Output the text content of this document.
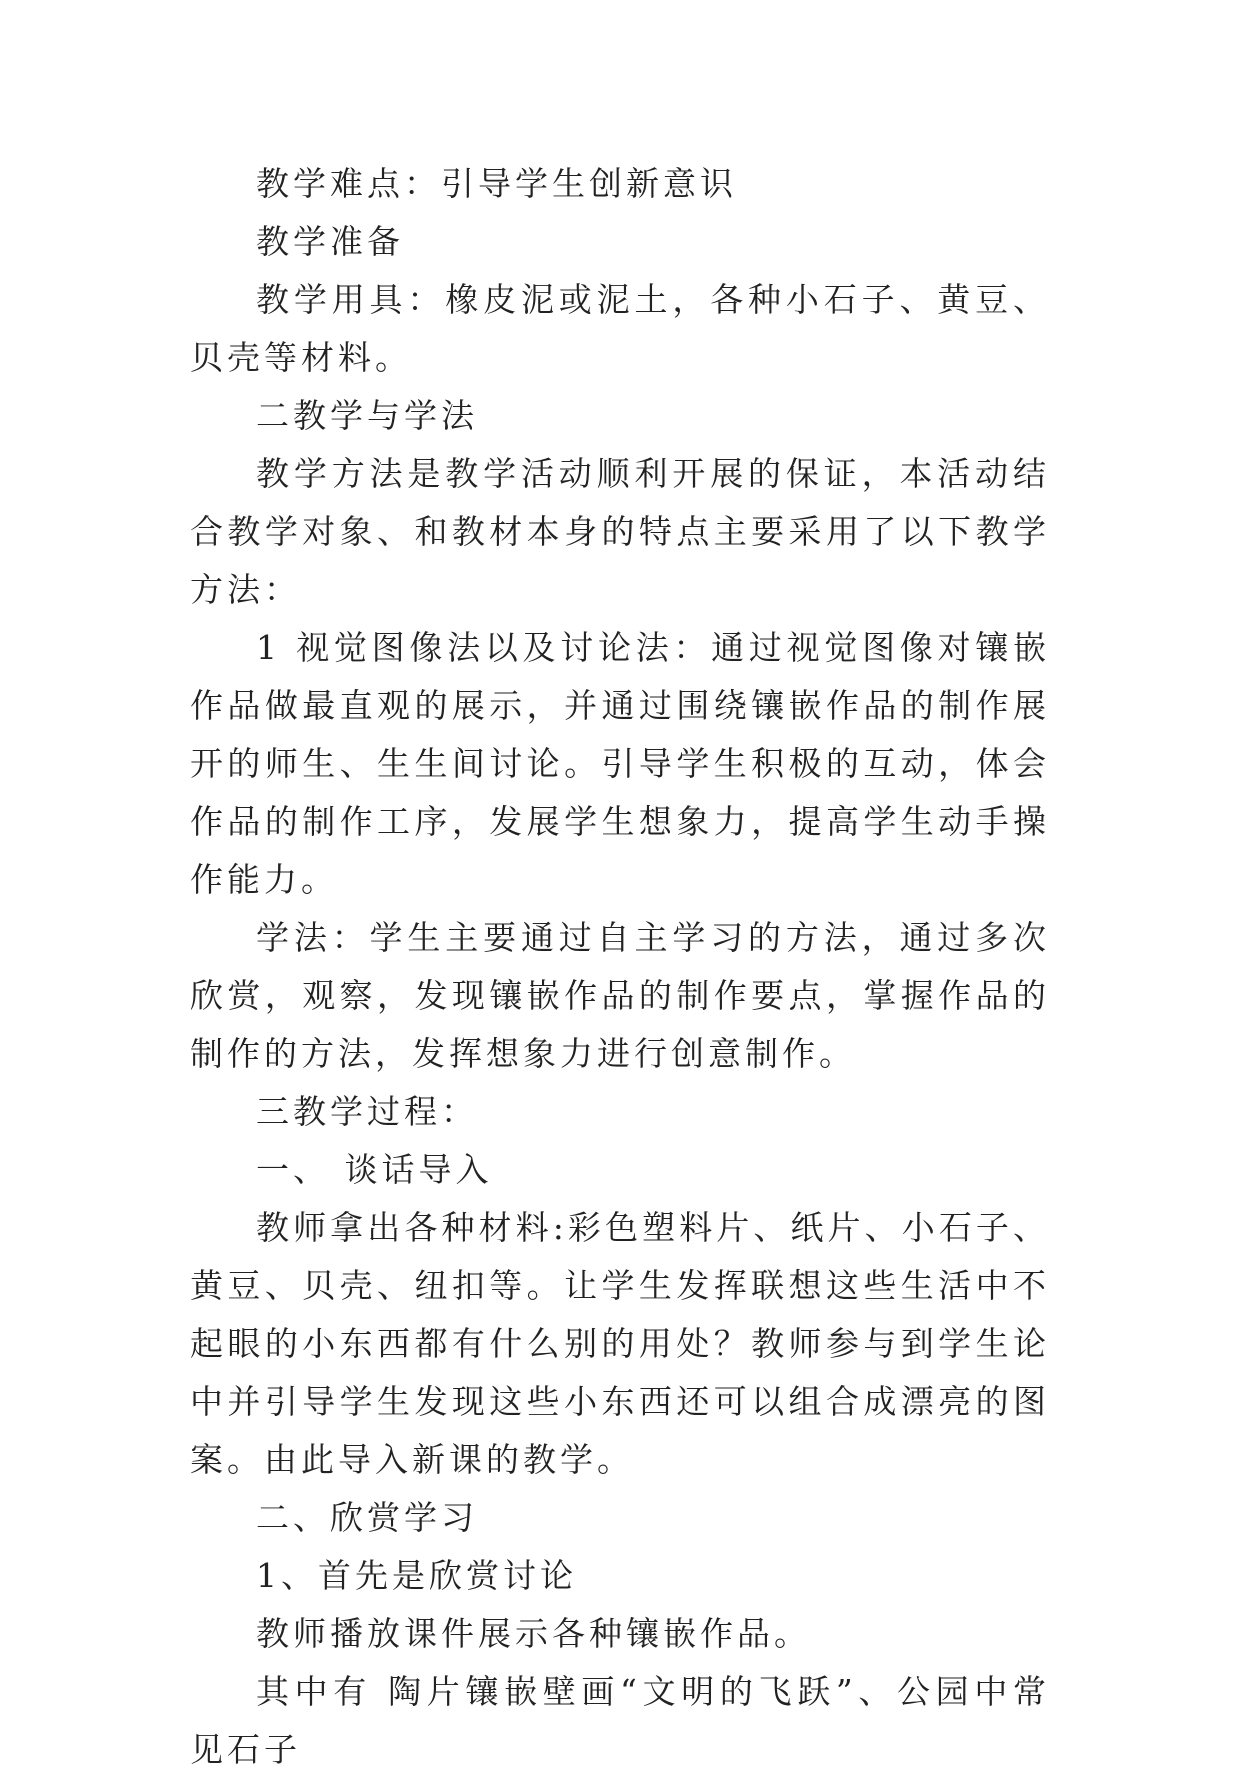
教学难点：引导学生创新意识

教学准备

教学用具：橡皮泥或泥土，各种小石子、黄豆、贝壳等材料。

二教学与学法

教学方法是教学活动顺利开展的保证，本活动结合教学对象、和教材本身的特点主要采用了以下教学方法：

1 视觉图像法以及讨论法：通过视觉图像对镶嵌作品做最直观的展示，并通过围绕镶嵌作品的制作展开的师生、生生间讨论。引导学生积极的互动，体会作品的制作工序，发展学生想象力，提高学生动手操作能力。

学法：学生主要通过自主学习的方法，通过多次欣赏，观察，发现镶嵌作品的制作要点，掌握作品的制作的方法，发挥想象力进行创意制作。

三教学过程：

一、 谈话导入

教师拿出各种材料:彩色塑料片、纸片、小石子、黄豆、贝壳、纽扣等。让学生发挥联想这些生活中不起眼的小东西都有什么别的用处？教师参与到学生论中并引导学生发现这些小东西还可以组合成漂亮的图案。由此导入新课的教学。

二、欣赏学习

1、首先是欣赏讨论

教师播放课件展示各种镶嵌作品。

其中有 陶片镶嵌壁画“文明的飞跃”、公园中常见石子
